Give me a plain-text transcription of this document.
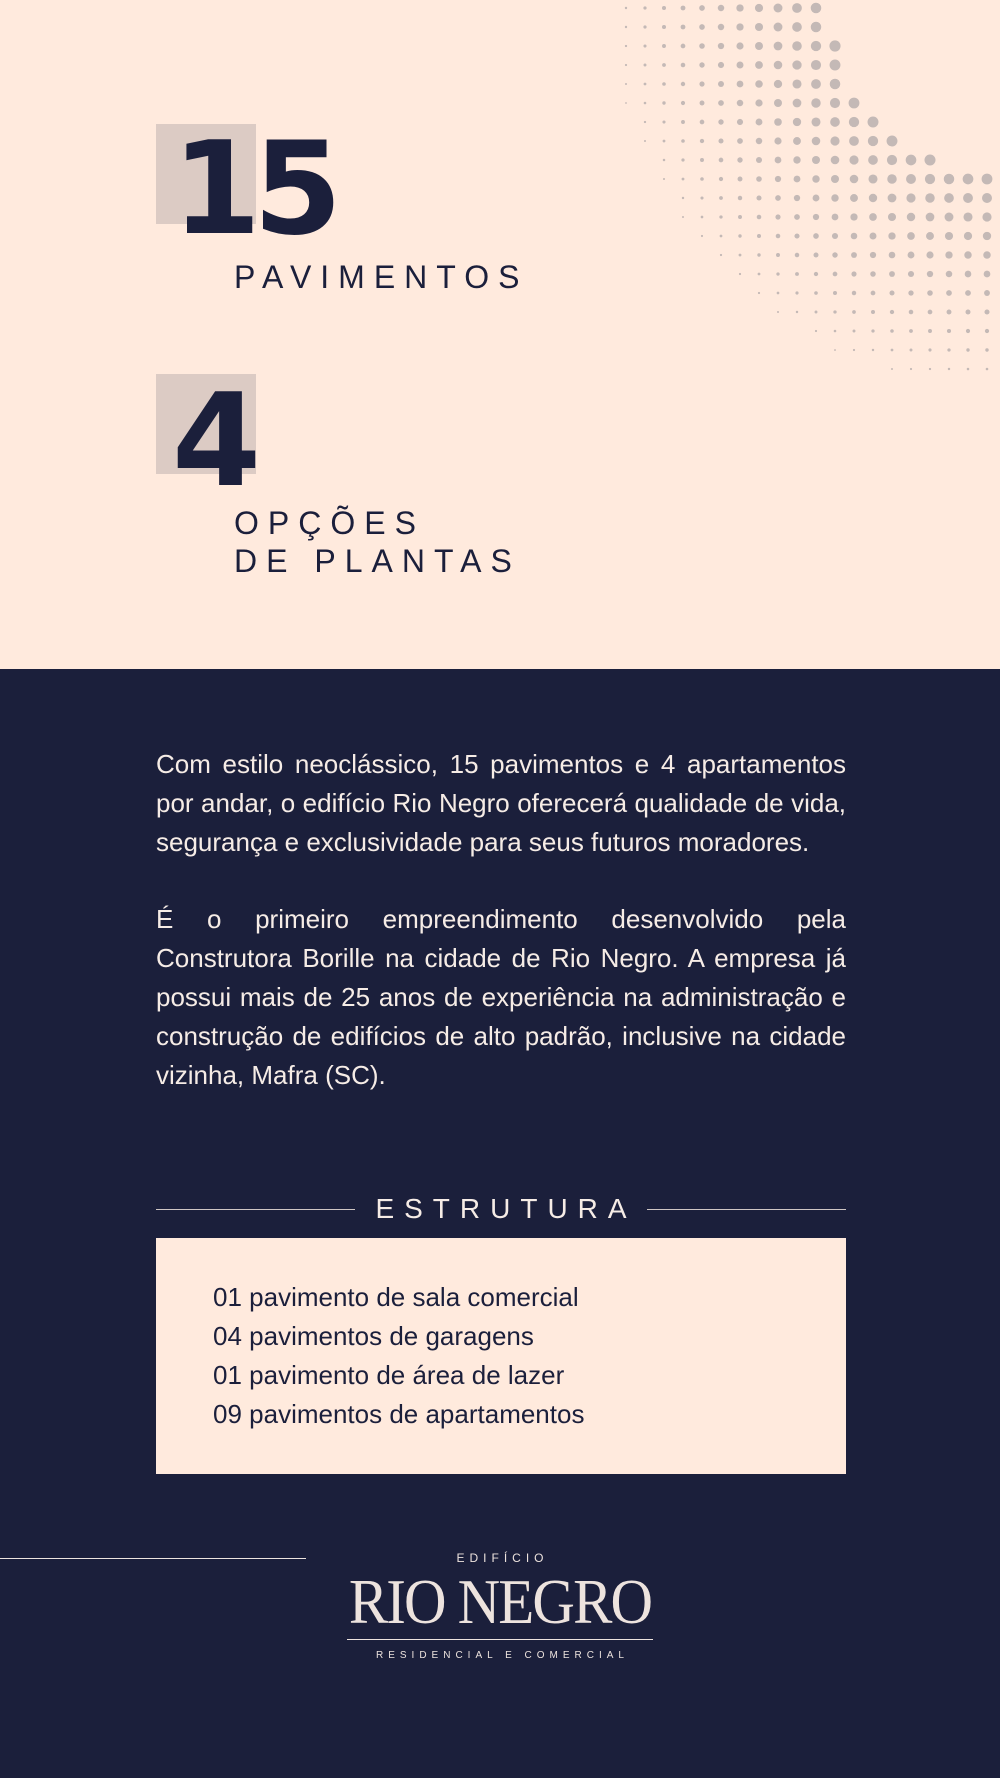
15
PAVIMENTOS
4
OPÇÕES
DE PLANTAS

Com estilo neoclássico, 15 pavimentos e 4 apartamentos por andar, o edifício Rio Negro oferecerá qualidade de vida, segurança e exclusividade para seus futuros moradores.

É o primeiro empreendimento desenvolvido pela Construtora Borille na cidade de Rio Negro. A empresa já possui mais de 25 anos de experiência na administração e construção de edifícios de alto padrão, inclusive na cidade vizinha, Mafra (SC).

ESTRUTURA
01 pavimento de sala comercial
04 pavimentos de garagens
01 pavimento de área de lazer
09 pavimentos de apartamentos
EDIFÍCIO
RIO NEGRO
RESIDENCIAL E COMERCIAL
